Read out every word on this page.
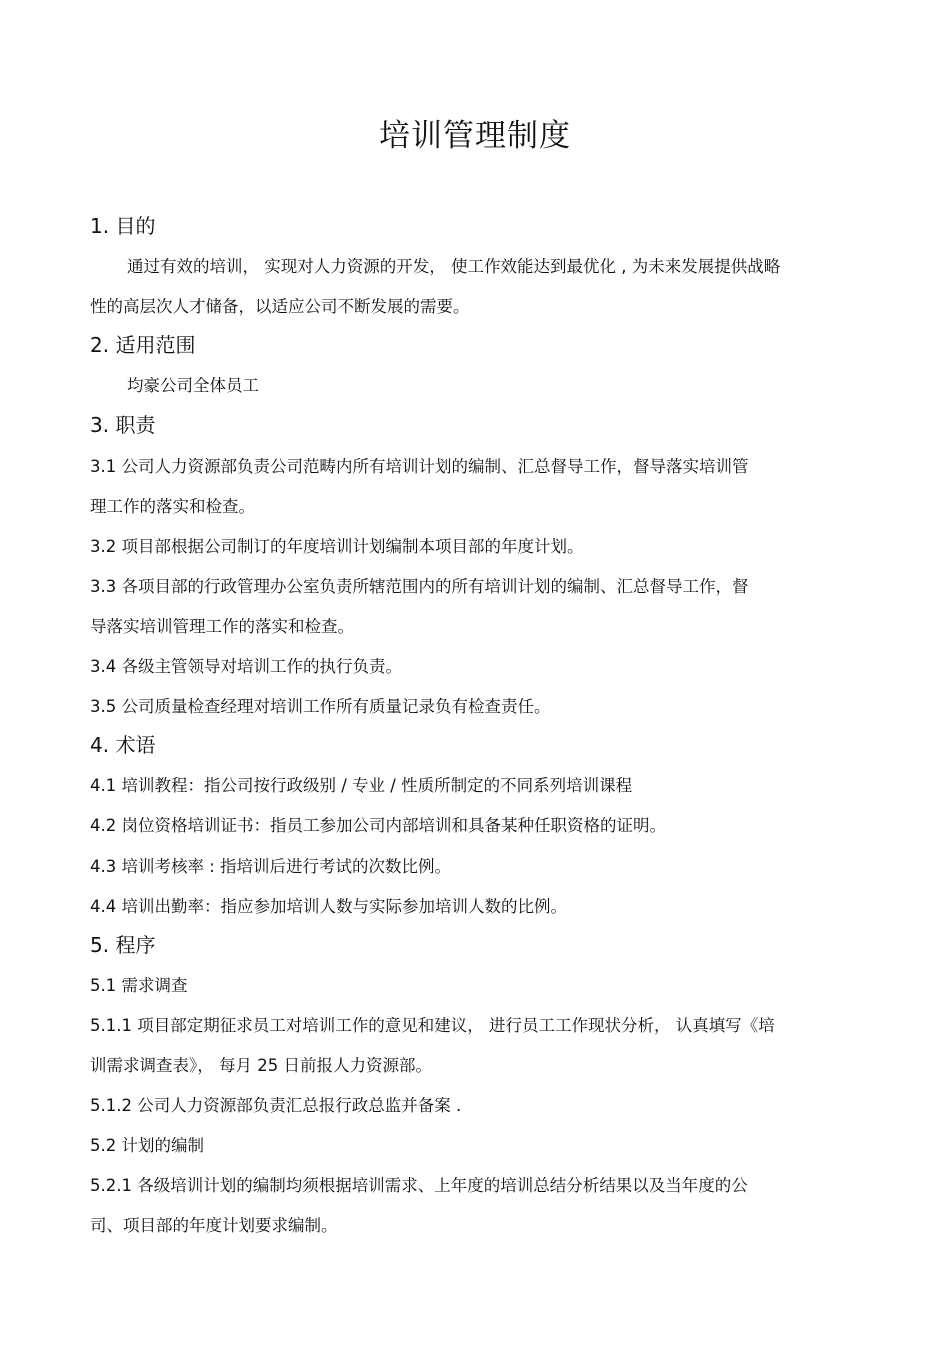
培训管理制度
1. 目的
通过有效的培训， 实现对人力资源的开发， 使工作效能达到最优化 , 为未来发展提供战略
性的高层次人才储备，以适应公司不断发展的需要。
2. 适用范围
均豪公司全体员工
3. 职责
3.1 公司人力资源部负责公司范畴内所有培训计划的编制、汇总督导工作，督导落实培训管
理工作的落实和检查。
3.2 项目部根据公司制订的年度培训计划编制本项目部的年度计划。
3.3 各项目部的行政管理办公室负责所辖范围内的所有培训计划的编制、汇总督导工作，督
导落实培训管理工作的落实和检查。
3.4 各级主管领导对培训工作的执行负责。
3.5 公司质量检查经理对培训工作所有质量记录负有检查责任。
4. 术语
4.1 培训教程：指公司按行政级别 / 专业 / 性质所制定的不同系列培训课程
4.2 岗位资格培训证书：指员工参加公司内部培训和具备某种任职资格的证明。
4.3 培训考核率 : 指培训后进行考试的次数比例。
4.4 培训出勤率：指应参加培训人数与实际参加培训人数的比例。
5. 程序
5.1 需求调查
5.1.1 项目部定期征求员工对培训工作的意见和建议， 进行员工工作现状分析， 认真填写《培
训需求调查表》， 每月 25 日前报人力资源部。
5.1.2 公司人力资源部负责汇总报行政总监并备案 .
5.2 计划的编制
5.2.1 各级培训计划的编制均须根据培训需求、上年度的培训总结分析结果以及当年度的公
司、项目部的年度计划要求编制。
